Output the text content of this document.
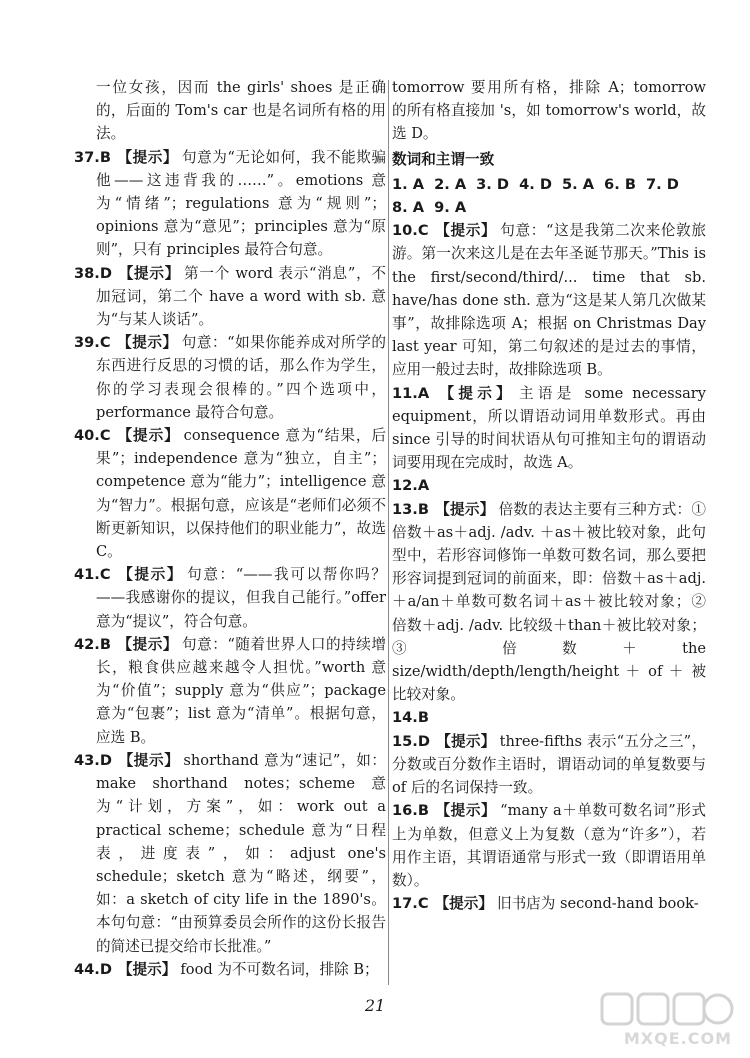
一位女孩，因而 the girls' shoes 是正确的，后面的 Tom's car 也是名词所有格的用法。

37.B 【提示】 句意为“无论如何，我不能欺骗他——这违背我的……”。emotions 意为“情绪”；regulations 意为“规则”；opinions 意为“意见”；principles 意为“原则”，只有 principles 最符合句意。
38.D 【提示】 第一个 word 表示“消息”，不加冠词，第二个 have a word with sb. 意为“与某人谈话”。
39.C 【提示】 句意：“如果你能养成对所学的东西进行反思的习惯的话，那么作为学生，你的学习表现会很棒的。”四个选项中，performance 最符合句意。
40.C 【提示】 consequence 意为“结果，后果”；independence 意为“独立，自主”；competence 意为“能力”；intelligence 意为“智力”。根据句意，应该是“老师们必须不断更新知识，以保持他们的职业能力”，故选 C。
41.C 【提示】 句意：“——我可以帮你吗？——我感谢你的提议，但我自己能行。”offer 意为“提议”，符合句意。
42.B 【提示】 句意：“随着世界人口的持续增长，粮食供应越来越令人担忧。”worth 意为“价值”；supply 意为“供应”；package 意为“包裹”；list 意为“清单”。根据句意，应选 B。
43.D 【提示】 shorthand 意为“速记”，如：make shorthand notes；scheme 意为“计划，方案”，如：work out a practical scheme；schedule 意为“日程表，进度表”，如：adjust one's schedule；sketch 意为“略述，纲要”，如：a sketch of city life in the 1890's。本句句意：“由预算委员会所作的这份长报告的简述已提交给市长批准。”
44.D 【提示】 food 为不可数名词，排除 B；

tomorrow 要用所有格，排除 A；tomorrow 的所有格直接加 's，如 tomorrow's world，故选 D。

数词和主谓一致
1. A 2. A 3. D 4. D 5. A 6. B 7. D
8. A 9. A
10.C 【提示】 句意：“这是我第二次来伦敦旅游。第一次来这儿是在去年圣诞节那天。”This is the first/second/third/... time that sb. have/has done sth. 意为“这是某人第几次做某事”，故排除选项 A；根据 on Christmas Day last year 可知，第二句叙述的是过去的事情，应用一般过去时，故排除选项 B。
11.A 【提示】 主语是 some necessary equipment，所以谓语动词用单数形式。再由 since 引导的时间状语从句可推知主句的谓语动词要用现在完成时，故选 A。
12.A
13.B 【提示】 倍数的表达主要有三种方式：① 倍数＋as＋adj. /adv. ＋as＋被比较对象，此句型中，若形容词修饰一单数可数名词，那么要把形容词提到冠词的前面来，即：倍数＋as＋adj. ＋a/an＋单数可数名词＋as＋被比较对象；② 倍数＋adj. /adv. 比较级＋than＋被比较对象；③ 倍数＋the size/width/depth/length/height ＋ of ＋ 被比较对象。
14.B
15.D 【提示】 three-fifths 表示“五分之三”，分数或百分数作主语时，谓语动词的单复数要与 of 后的名词保持一致。
16.B 【提示】 “many a＋单数可数名词”形式上为单数，但意义上为复数（意为“许多”），若用作主语，其谓语通常与形式一致（即谓语用单数）。
17.C 【提示】 旧书店为 second-hand book-
21
MXQE.COM
